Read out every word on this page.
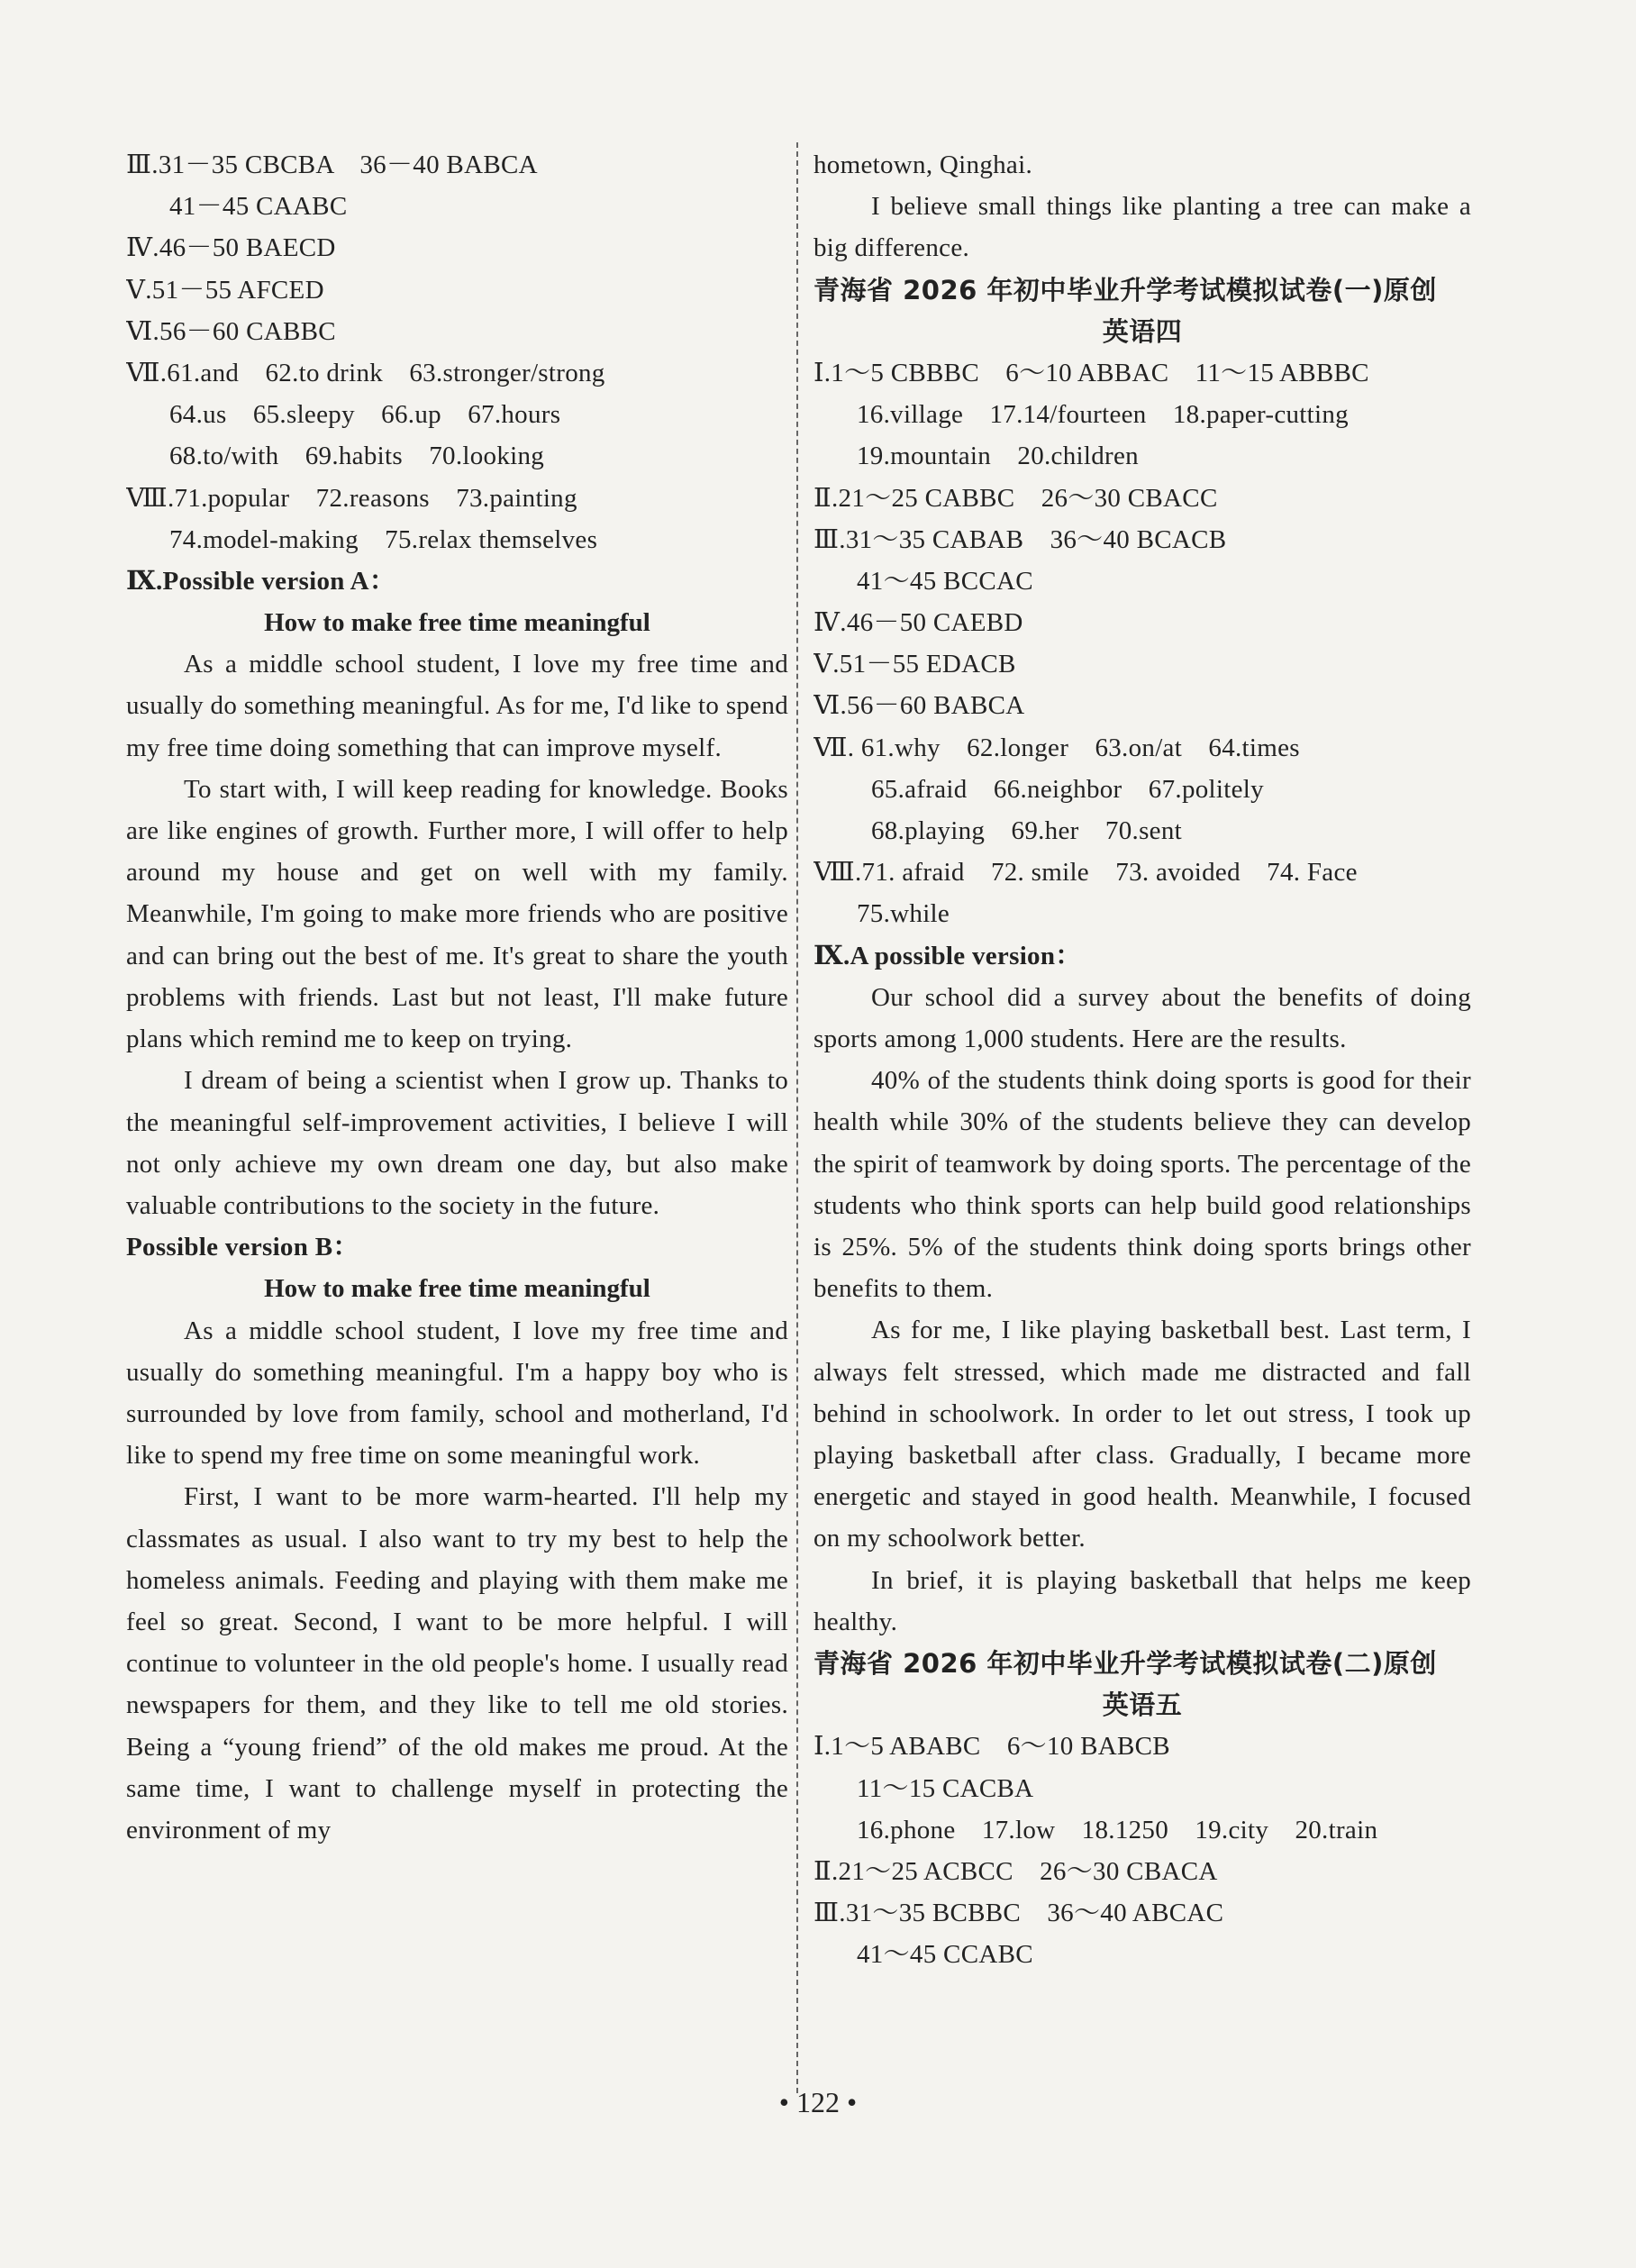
Ⅲ.31－35 CBCBA　36－40 BABCA
41－45 CAABC
Ⅳ.46－50 BAECD
Ⅴ.51－55 AFCED
Ⅵ.56－60 CABBC
Ⅶ.61.and　62.to drink　63.stronger/strong
64.us　65.sleepy　66.up　67.hours
68.to/with　69.habits　70.looking
Ⅷ.71.popular　72.reasons　73.painting
74.model-making　75.relax themselves
Ⅸ.Possible version A：
How to make free time meaningful
As a middle school student, I love my free time and usually do something meaningful. As for me, I'd like to spend my free time doing something that can improve myself.
To start with, I will keep reading for knowledge. Books are like engines of growth. Further more, I will offer to help around my house and get on well with my family. Meanwhile, I'm going to make more friends who are positive and can bring out the best of me. It's great to share the youth problems with friends. Last but not least, I'll make future plans which remind me to keep on trying.
I dream of being a scientist when I grow up. Thanks to the meaningful self-improvement activities, I believe I will not only achieve my own dream one day, but also make valuable contributions to the society in the future.
Possible version B：
How to make free time meaningful
As a middle school student, I love my free time and usually do something meaningful. I'm a happy boy who is surrounded by love from family, school and motherland, I'd like to spend my free time on some meaningful work.
First, I want to be more warm-hearted. I'll help my classmates as usual. I also want to try my best to help the homeless animals. Feeding and playing with them make me feel so great. Second, I want to be more helpful. I will continue to volunteer in the old people's home. I usually read newspapers for them, and they like to tell me old stories. Being a “young friend” of the old makes me proud. At the same time, I want to challenge myself in protecting the environment of my
hometown, Qinghai.
I believe small things like planting a tree can make a big difference.
青海省 2026 年初中毕业升学考试模拟试卷(一)原创
英语四
Ⅰ.1～5 CBBBC　6～10 ABBAC　11～15 ABBBC
16.village　17.14/fourteen　18.paper-cutting
19.mountain　20.children
Ⅱ.21～25 CABBC　26～30 CBACC
Ⅲ.31～35 CABAB　36～40 BCACB
41～45 BCCAC
Ⅳ.46－50 CAEBD
Ⅴ.51－55 EDACB
Ⅵ.56－60 BABCA
Ⅶ. 61.why　62.longer　63.on/at　64.times
65.afraid　66.neighbor　67.politely
68.playing　69.her　70.sent
Ⅷ.71. afraid　72. smile　73. avoided　74. Face
75.while
Ⅸ.A possible version：
Our school did a survey about the benefits of doing sports among 1,000 students. Here are the results.
40% of the students think doing sports is good for their health while 30% of the students believe they can develop the spirit of teamwork by doing sports. The percentage of the students who think sports can help build good relationships is 25%. 5% of the students think doing sports brings other benefits to them.
As for me, I like playing basketball best. Last term, I always felt stressed, which made me distracted and fall behind in schoolwork. In order to let out stress, I took up playing basketball after class. Gradually, I became more energetic and stayed in good health. Meanwhile, I focused on my schoolwork better.
In brief, it is playing basketball that helps me keep healthy.
青海省 2026 年初中毕业升学考试模拟试卷(二)原创
英语五
Ⅰ.1～5 ABABC　6～10 BABCB
11～15 CACBA
16.phone　17.low　18.1250　19.city　20.train
Ⅱ.21～25 ACBCC　26～30 CBACA
Ⅲ.31～35 BCBBC　36～40 ABCAC
41～45 CCABC
• 122 •
